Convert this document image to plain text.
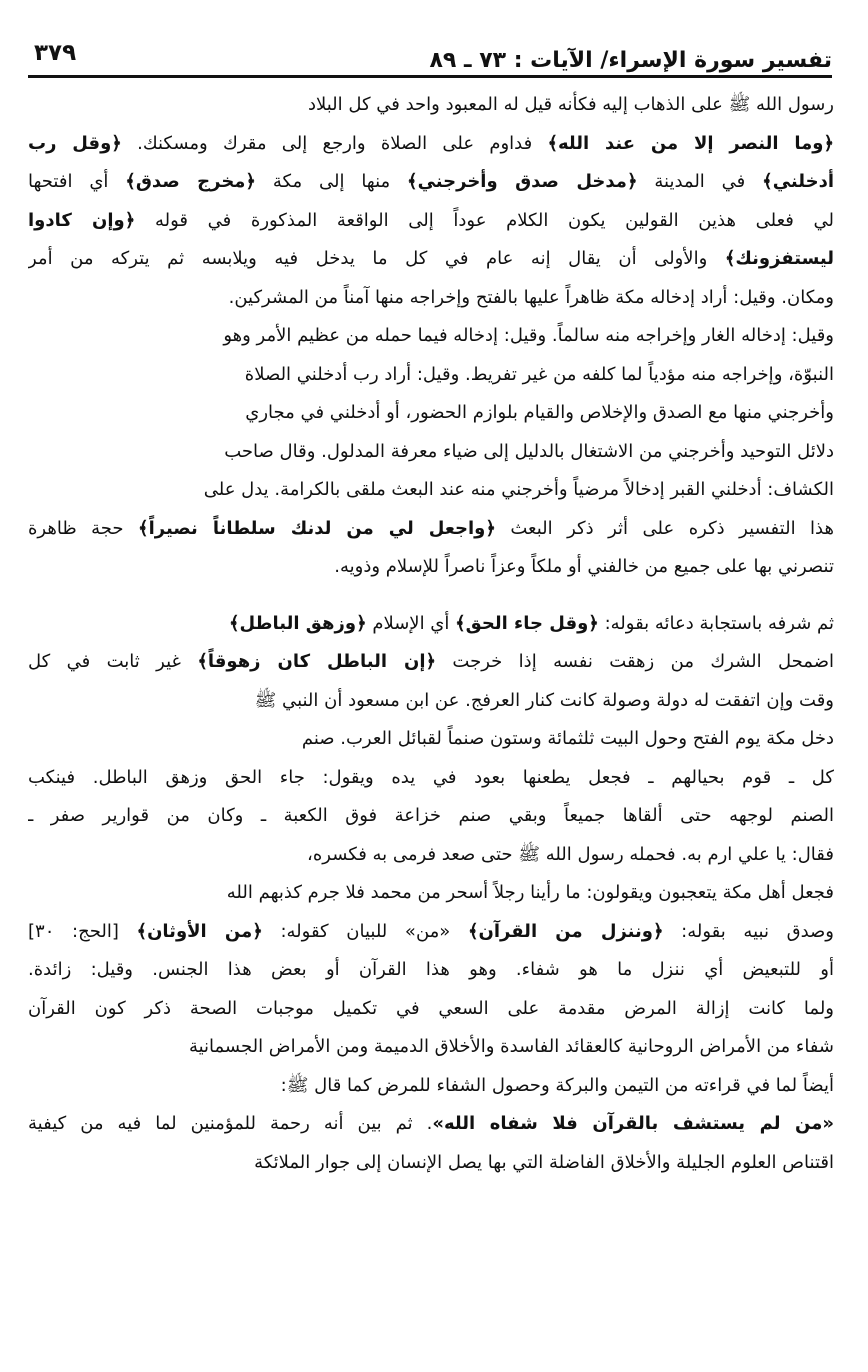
تفسير سورة الإسراء/ الآيات : ٧٣ ـ ٨٩
٣٧٩
رسول الله ﷺ على الذهاب إليه فكأنه قيل له المعبود واحد في كل البلاد
﴿وما النصر إلا من عند الله﴾ فداوم على الصلاة وارجع إلى مقرك ومسكنك. ﴿وقل رب
أدخلني﴾ في المدينة ﴿مدخل صدق وأخرجني﴾ منها إلى مكة ﴿مخرج صدق﴾ أي افتحها
لي فعلى هذين القولين يكون الكلام عوداً إلى الواقعة المذكورة في قوله ﴿وإن كادوا
ليستفزونك﴾ والأولى أن يقال إنه عام في كل ما يدخل فيه ويلابسه ثم يتركه من أمر
ومكان. وقيل: أراد إدخاله مكة ظاهراً عليها بالفتح وإخراجه منها آمناً من المشركين.
وقيل: إدخاله الغار وإخراجه منه سالماً. وقيل: إدخاله فيما حمله من عظيم الأمر وهو
النبوّة، وإخراجه منه مؤدياً لما كلفه من غير تفريط. وقيل: أراد رب أدخلني الصلاة
وأخرجني منها مع الصدق والإخلاص والقيام بلوازم الحضور، أو أدخلني في مجاري
دلائل التوحيد وأخرجني من الاشتغال بالدليل إلى ضياء معرفة المدلول. وقال صاحب
الكشاف: أدخلني القبر إدخالاً مرضياً وأخرجني منه عند البعث ملقى بالكرامة. يدل على
هذا التفسير ذكره على أثر ذكر البعث ﴿واجعل لي من لدنك سلطاناً نصيراً﴾ حجة ظاهرة
تنصرني بها على جميع من خالفني أو ملكاً وعزاً ناصراً للإسلام وذويه.
ثم شرفه باستجابة دعائه بقوله: ﴿وقل جاء الحق﴾ أي الإسلام ﴿وزهق الباطل﴾
اضمحل الشرك من زهقت نفسه إذا خرجت ﴿إن الباطل كان زهوقاً﴾ غير ثابت في كل
وقت وإن اتفقت له دولة وصولة كانت كنار العرفج. عن ابن مسعود أن النبي ﷺ
دخل مكة يوم الفتح وحول البيت ثلثمائة وستون صنماً لقبائل العرب. صنم
كل ـ قوم بحيالهم ـ فجعل يطعنها بعود في يده ويقول: جاء الحق وزهق الباطل. فينكب
الصنم لوجهه حتى ألقاها جميعاً وبقي صنم خزاعة فوق الكعبة ـ وكان من قوارير صفر ـ
فقال: يا علي ارم به. فحمله رسول الله ﷺ حتى صعد فرمى به فكسره،
فجعل أهل مكة يتعجبون ويقولون: ما رأينا رجلاً أسحر من محمد فلا جرم كذبهم الله
وصدق نبيه بقوله: ﴿وننزل من القرآن﴾ «من» للبيان كقوله: ﴿من الأوثان﴾ [الحج: ٣٠]
أو للتبعيض أي ننزل ما هو شفاء. وهو هذا القرآن أو بعض هذا الجنس. وقيل: زائدة.
ولما كانت إزالة المرض مقدمة على السعي في تكميل موجبات الصحة ذكر كون القرآن
شفاء من الأمراض الروحانية كالعقائد الفاسدة والأخلاق الدميمة ومن الأمراض الجسمانية
أيضاً لما في قراءته من التيمن والبركة وحصول الشفاء للمرض كما قال ﷺ:
«من لم يستشف بالقرآن فلا شفاه الله». ثم بين أنه رحمة للمؤمنين لما فيه من كيفية
اقتناص العلوم الجليلة والأخلاق الفاضلة التي بها يصل الإنسان إلى جوار الملائكة
